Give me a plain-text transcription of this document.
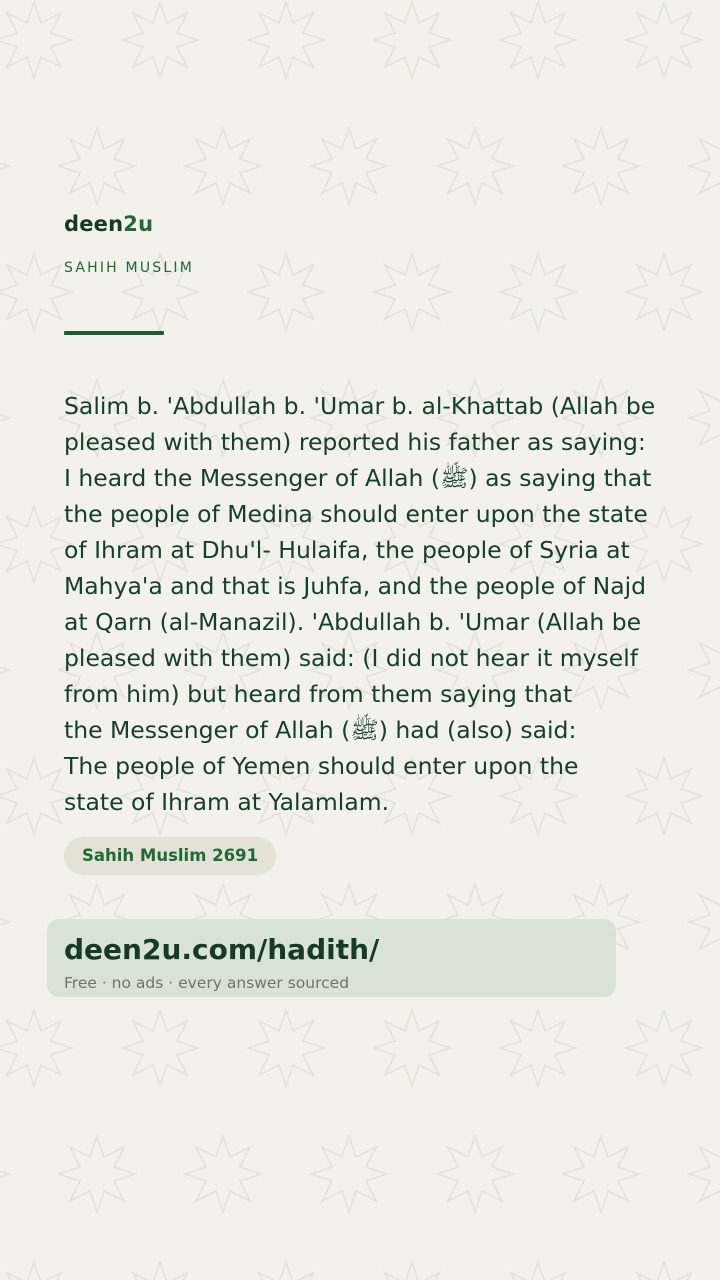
deen2u
SAHIH MUSLIM
Salim b. 'Abdullah b. 'Umar b. al-Khattab (Allah be
pleased with them) reported his father as saying:
I heard the Messenger of Allah (ﷺ) as saying that
the people of Medina should enter upon the state
of Ihram at Dhu'l- Hulaifa, the people of Syria at
Mahya'a and that is Juhfa, and the people of Najd
at Qarn (al-Manazil). 'Abdullah b. 'Umar (Allah be
pleased with them) said: (I did not hear it myself
from him) but heard from them saying that
the Messenger of Allah (ﷺ) had (also) said:
The people of Yemen should enter upon the
state of Ihram at Yalamlam.
Sahih Muslim 2691
deen2u.com/hadith/
Free · no ads · every answer sourced
